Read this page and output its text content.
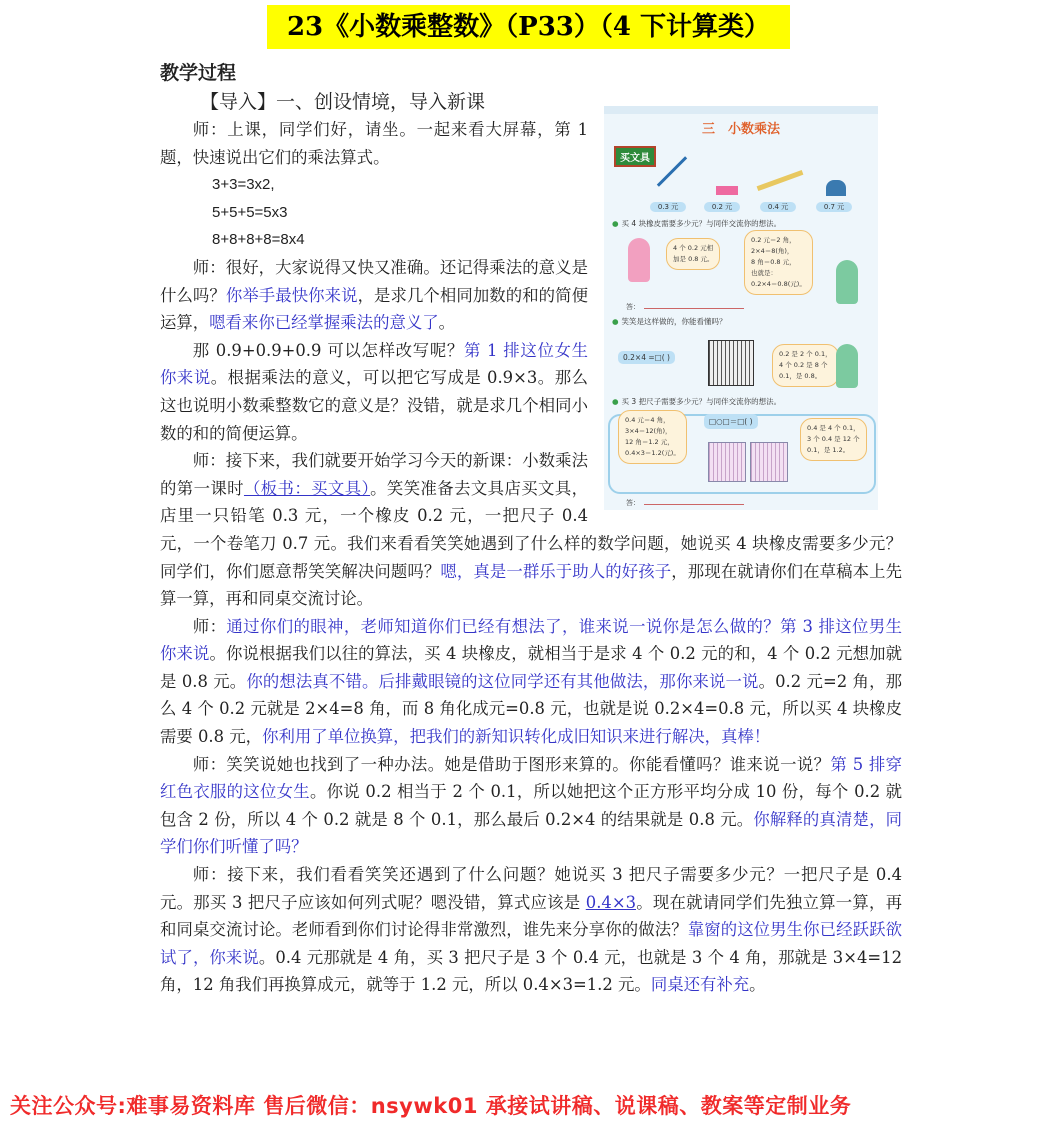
23《小数乘整数》（P33）（4 下计算类）
教学过程
三　小数乘法
买文具
0.3 元	0.2 元	0.4 元	0.7 元
● 买 4 块橡皮需要多少元？与同伴交流你的想法。
4 个 0.2 元相
加是 0.8 元。
0.2 元＝2 角，
2×4＝8(角)，
8 角＝0.8 元，
也就是：
0.2×4＝0.8(元)。
答：
● 笑笑是这样做的，你能看懂吗？
0.2×4 =□( )	0.2 是 2 个 0.1，
4 个 0.2 是 8 个
0.1，是 0.8。
● 买 3 把尺子需要多少元？与同伴交流你的想法。
0.4 元＝4 角，
3×4＝12(角)，
12 角＝1.2 元，
0.4×3＝1.2(元)。
□○□＝□( )
0.4 是 4 个 0.1，
3 个 0.4 是 12 个
0.1，是 1.2。
答：
【导入】一、创设情境，导入新课

师：上课，同学们好，请坐。一起来看大屏幕，第 1 题，快速说出它们的乘法算式。

3+3=3x2,

5+5+5=5x3

8+8+8+8=8x4

师：很好，大家说得又快又准确。还记得乘法的意义是什么吗？你举手最快你来说，是求几个相同加数的和的简便运算，嗯看来你已经掌握乘法的意义了。

那 0.9+0.9+0.9 可以怎样改写呢？第 1 排这位女生你来说。根据乘法的意义，可以把它写成是 0.9×3。那么这也说明小数乘整数它的意义是？没错，就是求几个相同小数的和的简便运算。

师：接下来，我们就要开始学习今天的新课：小数乘法的第一课时（板书：买文具）。笑笑准备去文具店买文具，店里一只铅笔 0.3 元，一个橡皮 0.2 元，一把尺子 0.4 元，一个卷笔刀 0.7 元。我们来看看笑笑她遇到了什么样的数学问题，她说买 4 块橡皮需要多少元？同学们，你们愿意帮笑笑解决问题吗？嗯，真是一群乐于助人的好孩子，那现在就请你们在草稿本上先算一算，再和同桌交流讨论。

师：通过你们的眼神，老师知道你们已经有想法了，谁来说一说你是怎么做的？第 3 排这位男生你来说。你说根据我们以往的算法，买 4 块橡皮，就相当于是求 4 个 0.2 元的和，4 个 0.2 元想加就是 0.8 元。你的想法真不错。后排戴眼镜的这位同学还有其他做法，那你来说一说。0.2 元=2 角，那么 4 个 0.2 元就是 2×4=8 角，而 8 角化成元=0.8 元，也就是说 0.2×4=0.8 元，所以买 4 块橡皮需要 0.8 元，你利用了单位换算，把我们的新知识转化成旧知识来进行解决，真棒！

师：笑笑说她也找到了一种办法。她是借助于图形来算的。你能看懂吗？谁来说一说？第 5 排穿红色衣服的这位女生。你说 0.2 相当于 2 个 0.1，所以她把这个正方形平均分成 10 份，每个 0.2 就包含 2 份，所以 4 个 0.2 就是 8 个 0.1，那么最后 0.2×4 的结果就是 0.8 元。你解释的真清楚，同学们你们听懂了吗？

师：接下来，我们看看笑笑还遇到了什么问题？她说买 3 把尺子需要多少元？一把尺子是 0.4 元。那买 3 把尺子应该如何列式呢？嗯没错，算式应该是 0.4×3。现在就请同学们先独立算一算，再和同桌交流讨论。老师看到你们讨论得非常激烈，谁先来分享你的做法？靠窗的这位男生你已经跃跃欲试了，你来说。0.4 元那就是 4 角，买 3 把尺子是 3 个 0.4 元，也就是 3 个 4 角，那就是 3×4=12 角，12 角我们再换算成元，就等于 1.2 元，所以 0.4×3=1.2 元。同桌还有补充。

关注公众号:难事易资料库 售后微信：nsywk01 承接试讲稿、说课稿、教案等定制业务
